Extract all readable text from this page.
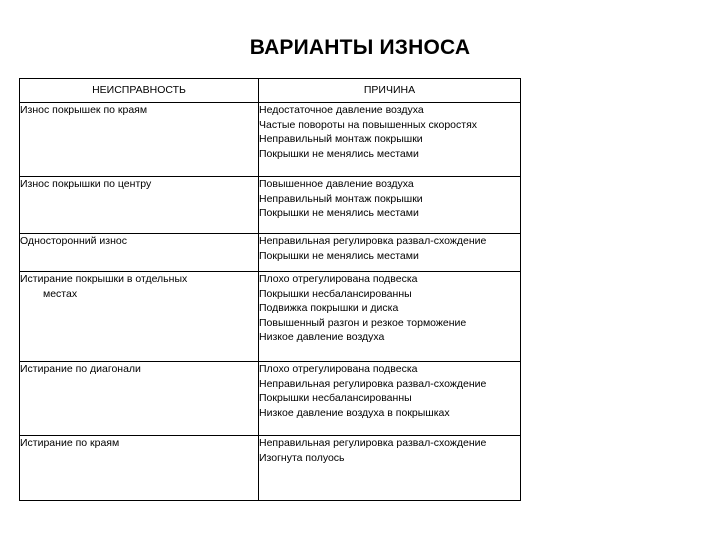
ВАРИАНТЫ ИЗНОСА
НЕИСПРАВНОСТЬ	ПРИЧИНА
Износ покрышек по краям	Недостаточное давление воздуха
Частые повороты на повышенных скоростях
Неправильный монтаж покрышки
Покрышки не менялись местами

Износ покрышки по центру	Повышенное давление воздуха
Неправильный монтаж покрышки
Покрышки не менялись местами

Односторонний износ	Неправильная регулировка развал-схождение
Покрышки не менялись местами

Истирание покрышки в отдельных
местах	Плохо отрегулирована подвеска
Покрышки несбалансированны
Подвижка покрышки и диска
Повышенный разгон и резкое торможение
Низкое давление воздуха

Истирание по диагонали	Плохо отрегулирована подвеска
Неправильная регулировка развал-схождение
Покрышки несбалансированны
Низкое давление воздуха в покрышках

Истирание по краям	Неправильная регулировка развал-схождение
Изогнута полуось
